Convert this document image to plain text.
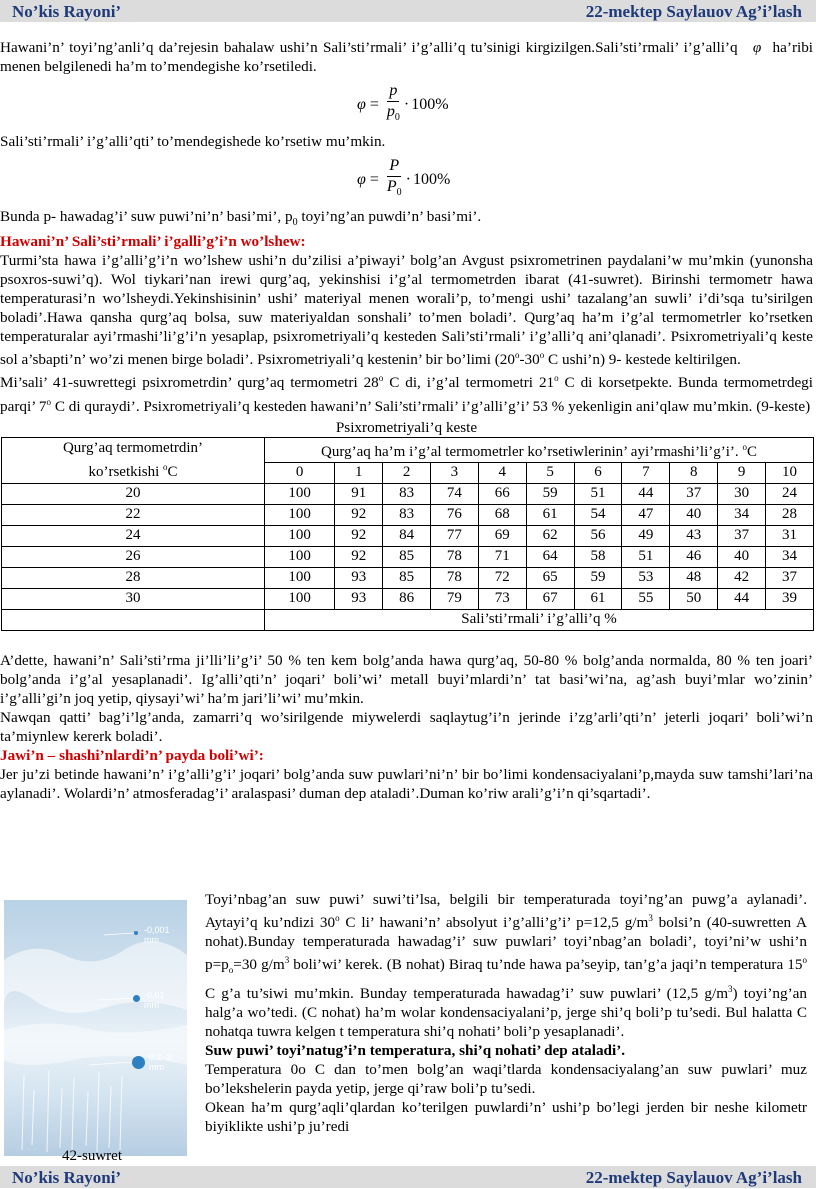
No’kis Rayoni’	22-mektep Saylauov Ag’i’lash

Hawani’n’ toyi’ng’anli’q da’rejesin bahalaw ushi’n Sali’sti’rmali’ i’g’alli’q tu’sinigi kirgizilgen.Sali’sti’rmali’ i’g’alli’q φ ha’ribi menen belgilenedi ha’m to’mendegishe ko’rsetiledi.

φ
= $\frac{p}{p_0} \cdot 100\%$

Sali’sti’rmali’ i’g’alli’qti’ to’mendegishede ko’rsetiw mu’mkin.

φ
= $\frac{P}{P_0} \cdot 100\%$

Bunda p- hawadag’i’ suw puwi’ni’n’ basi’mi’, $p_0$ toyi’ng’an puwdi’n’ basi’mi’.

Hawani’n’ Sali’sti’rmali’ i’galli’g’i’n wo’lshew:

Turmi’sta hawa i’g’alli’g’i’n wo’lshew ushi’n du’zilisi a’piwayi’ bolg’an Avgust psixrometrinen paydalani’w mu’mkin (yunonsha psoxros-suwi’q). Wol tiykari’nan irewi qurg’aq, yekinshisi i’g’al termometrden ibarat (41-suwret). Birinshi termometr hawa temperaturasi’n wo’lsheydi.Yekinshisinin’ ushi’ materiyal menen worali’p, to’mengi ushi’ tazalang’an suwli’ i’di’sqa tu’sirilgen boladi’.Hawa qansha qurg’aq bolsa, suw materiyaldan sonshali’ to’men boladi’. Qurg’aq ha’m i’g’al termometrler ko’rsetken temperaturalar ayi’rmashi’li’g’i’n yesaplap, psixrometriyali’q kesteden Sali’sti’rmali’ i’g’alli’q ani’qlanadi’. Psixrometriyali’q keste sol a’sbapti’n’ wo’zi menen birge boladi’. Psixrometriyali’q kestenin’ bir bo’limi (20$^o$-30$^o$ C ushi’n) 9- kestede keltirilgen.

Mi’sali’ 41-suwrettegi psixrometrdin’ qurg’aq termometri 28$^o$ C di, i’g’al termometri 21$^o$ C di korsetpekte. Bunda termometrdegi parqi’ 7$^o$ C di quraydi’. Psixrometriyali’q kesteden hawani’n’ Sali’sti’rmali’ i’g’alli’g’i’ 53 % yekenligin ani’qlaw mu’mkin. (9-keste)

Psixrometriyali’q keste

Qurg’aq termometrdin’
ko’rsetkishi $^o$C	Qurg’aq ha’m i’g’al termometrler ko’rsetiwlerinin’ ayi’rmashi’li’g’i’. $^o$C										
	0	1	2	3	4	5	6	7	8	9	10
20	100	91	83	74	66	59	51	44	37	30	24
22	100	92	83	76	68	61	54	47	40	34	28
24	100	92	84	77	69	62	56	49	43	37	31
26	100	92	85	78	71	64	58	51	46	40	34
28	100	93	85	78	72	65	59	53	48	42	37
30	100	93	86	79	73	67	61	55	50	44	39
	Sali’sti’rmali’ i’g’alli’q %										

A’dette, hawani’n’ Sali’sti’rma ji’lli’li’g’i’ 50 % ten kem bolg’anda hawa qurg’aq, 50-80 % bolg’anda normalda, 80 % ten joari’ bolg’anda i’g’al yesaplanadi’. Ig’alli’qti’n’ joqari’ boli’wi’ metall buyi’mlardi’n’ tat basi’wi’na, ag’ash buyi’mlar wo’zinin’ i’g’alli’gi’n joq yetip, qiysayi’wi’ ha’m jari’li’wi’ mu’mkin.

Nawqan qatti’ bag’i’lg’anda, zamarri’q wo’sirilgende miywelerdi saqlaytug’i’n jerinde i’zg’arli’qti’n’ jeterli joqari’ boli’wi’n ta’miynlew kererk boladi’.

Jawi’n – shashi’nlardi’n’ payda boli’wi’:

Jer ju’zi betinde hawani’n’ i’g’alli’g’i’ joqari’ bolg’anda suw puwlari’ni’n’ bir bo’limi kondensaciyalani’p,mayda suw tamshi’lari’na aylanadi’. Wolardi’n’ atmosferadag’i’ aralaspasi’ duman dep ataladi’.Duman ko’riw arali’g’i’n qi’sqartadi’.

-0,001
mm
-0,01
mm
0,2–3
mm
42-suwret

Toyi’nbag’an suw puwi’ suwi’ti’lsa, belgili bir temperaturada toyi’ng’an puwg’a aylanadi’. Aytayi’q ku’ndizi 30$^o$ C li’ hawani’n’ absolyut i’g’alli’g’i’ p=12,5 $g/m^3$ bolsi’n (40-suwretten A nohat).Bunday temperaturada hawadag’i’ suw puwlari’ toyi’nbag’an boladi’, toyi’ni’w ushi’n $p=p_o=30$ $g/m^3$ boli’wi’ kerek. (B nohat) Biraq tu’nde hawa pa’seyip, tan’g’a jaqi’n temperatura 15$^o$ C g’a tu’siwi mu’mkin. Bunday temperaturada hawadag’i’ suw puwlari’ (12,5 $g/m^3$) toyi’ng’an halg’a wo’tedi. (C nohat) ha’m wolar kondensaciyalani’p, jerge shi’q boli’p tu’sedi. Bul halatta C nohatqa tuwra kelgen t temperatura shi’q nohati’ boli’p yesaplanadi’.

Suw puwi’ toyi’natug’i’n temperatura, shi’q nohati’ dep ataladi’.

Temperatura 0o C dan to’men bolg’an waqi’tlarda kondensaciyalang’an suw puwlari’ muz bo’lekshelerin payda yetip, jerge qi’raw boli’p tu’sedi.

Okean ha’m qurg’aqli’qlardan ko’terilgen puwlardi’n’ ushi’p bo’legi jerden bir neshe kilometr biyiklikte ushi’p ju’redi

No’kis Rayoni’	22-mektep Saylauov Ag’i’lash
